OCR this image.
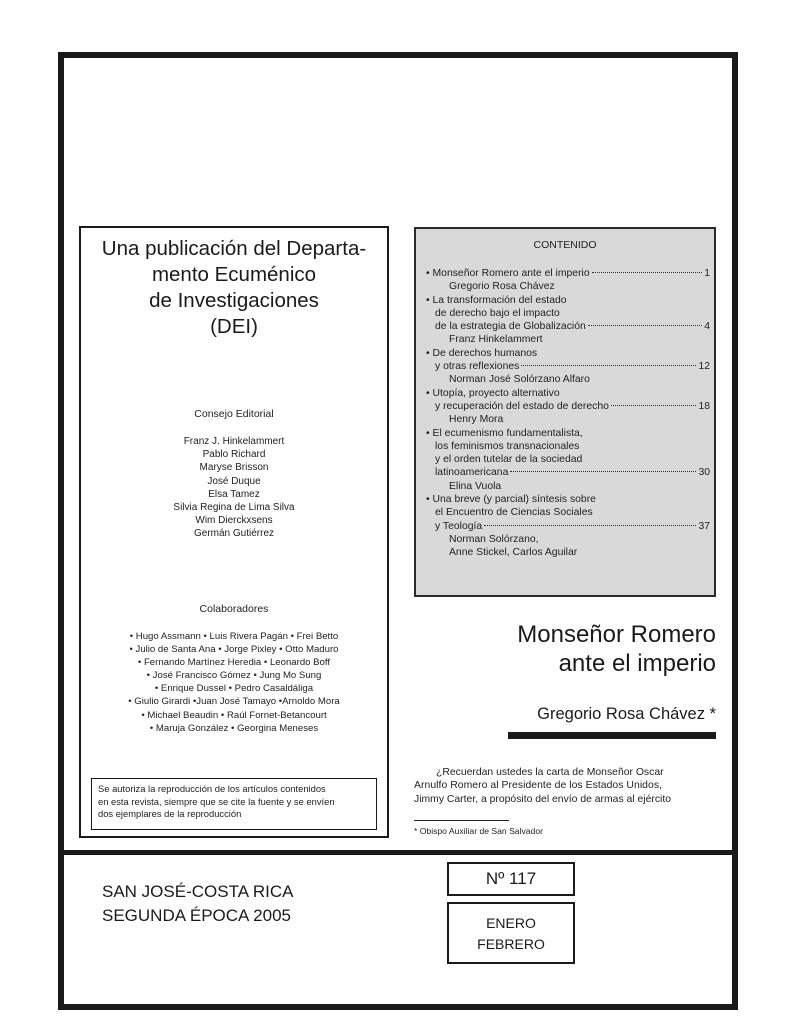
Una publicación del Departa-
mento Ecuménico
de Investigaciones
(DEI)
Consejo Editorial
Franz J. Hinkelammert
Pablo Richard
Maryse Brisson
José Duque
Elsa Tamez
Silvia Regina de Lima Silva
Wim Dierckxsens
Germán Gutiérrez
Colaboradores
• Hugo Assmann • Luis Rivera Pagán • Frei Betto
• Julio de Santa Ana • Jorge Pixley • Otto Maduro
• Fernando Martínez Heredia • Leonardo Boff
• José Francisco Gómez • Jung Mo Sung
• Enrique Dussel • Pedro Casaldáliga
• Giulio Girardi •Juan José Tamayo •Arnoldo Mora
• Michael Beaudin • Raúl Fornet-Betancourt
• Maruja González • Georgina Meneses
Se autoriza la reproducción de los artículos contenidos
en esta revista, siempre que se cite la fuente y se envíen
dos ejemplares de la reproducción
CONTENIDO
• Monseñor Romero ante el imperio	1
Gregorio Rosa Chávez
• La transformación del estado
de derecho bajo el impacto
de la estrategia de Globalización	4
Franz Hinkelammert
• De derechos humanos
y otras reflexiones	12
Norman José Solórzano Alfaro
• Utopía, proyecto alternativo
y recuperación del estado de derecho	18
Henry Mora
• El ecumenismo fundamentalista,
los feminismos transnacionales
y el orden tutelar de la sociedad
latinoamericana	30
Elina Vuola
• Una breve (y parcial) síntesis sobre
el Encuentro de Ciencias Sociales
y Teología	37
Norman Solórzano,
Anne Stickel, Carlos Aguilar
Monseñor Romero
ante el imperio
Gregorio Rosa Chávez *
¿Recuerdan ustedes la carta de Monseñor Oscar
Arnulfo Romero al Presidente de los Estados Unidos,
Jimmy Carter, a propósito del envío de armas al ejército
* Obispo Auxiliar de San Salvador
SAN JOSÉ-COSTA RICA
SEGUNDA ÉPOCA 2005
Nº 117
ENERO
FEBRERO
